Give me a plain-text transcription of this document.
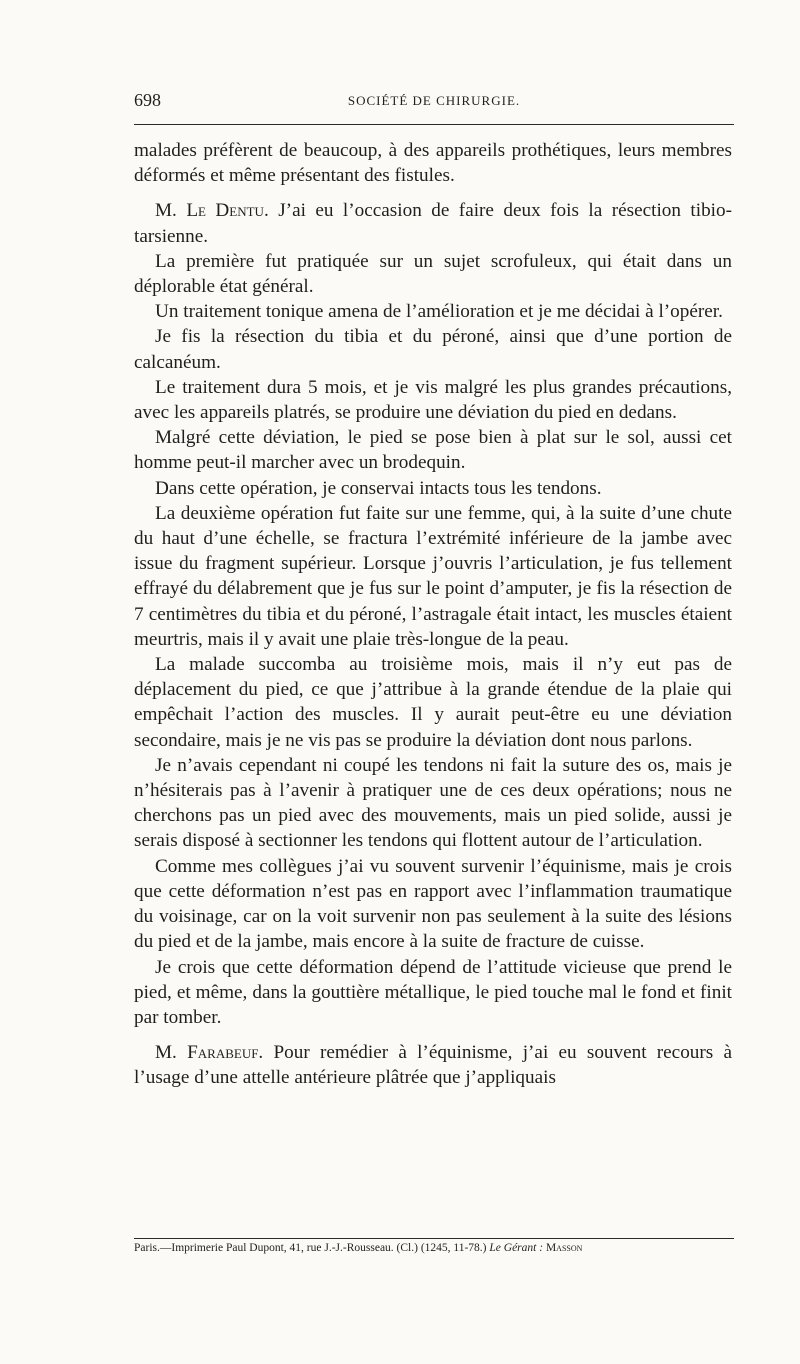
698	SOCIÉTÉ DE CHIRURGIE.

malades préfèrent de beaucoup, à des appareils prothétiques, leurs membres déformés et même présentant des fistules.

M. Le Dentu. J’ai eu l’occasion de faire deux fois la résection tibio-tarsienne.

La première fut pratiquée sur un sujet scrofuleux, qui était dans un déplorable état général.

Un traitement tonique amena de l’amélioration et je me décidai à l’opérer.

Je fis la résection du tibia et du péroné, ainsi que d’une portion de calcanéum.

Le traitement dura 5 mois, et je vis malgré les plus grandes précautions, avec les appareils platrés, se produire une déviation du pied en dedans.

Malgré cette déviation, le pied se pose bien à plat sur le sol, aussi cet homme peut-il marcher avec un brodequin.

Dans cette opération, je conservai intacts tous les tendons.

La deuxième opération fut faite sur une femme, qui, à la suite d’une chute du haut d’une échelle, se fractura l’extrémité inférieure de la jambe avec issue du fragment supérieur. Lorsque j’ouvris l’articulation, je fus tellement effrayé du délabrement que je fus sur le point d’amputer, je fis la résection de 7 centimètres du tibia et du péroné, l’astragale était intact, les muscles étaient meurtris, mais il y avait une plaie très-longue de la peau.

La malade succomba au troisième mois, mais il n’y eut pas de déplacement du pied, ce que j’attribue à la grande étendue de la plaie qui empêchait l’action des muscles. Il y aurait peut-être eu une déviation secondaire, mais je ne vis pas se produire la déviation dont nous parlons.

Je n’avais cependant ni coupé les tendons ni fait la suture des os, mais je n’hésiterais pas à l’avenir à pratiquer une de ces deux opérations; nous ne cherchons pas un pied avec des mouvements, mais un pied solide, aussi je serais disposé à sectionner les tendons qui flottent autour de l’articulation.

Comme mes collègues j’ai vu souvent survenir l’équinisme, mais je crois que cette déformation n’est pas en rapport avec l’inflammation traumatique du voisinage, car on la voit survenir non pas seulement à la suite des lésions du pied et de la jambe, mais encore à la suite de fracture de cuisse.

Je crois que cette déformation dépend de l’attitude vicieuse que prend le pied, et même, dans la gouttière métallique, le pied touche mal le fond et finit par tomber.

M. Farabeuf. Pour remédier à l’équinisme, j’ai eu souvent recours à l’usage d’une attelle antérieure plâtrée que j’appliquais

Paris.—Imprimerie Paul Dupont, 41, rue J.-J.-Rousseau. (Cl.) (1245, 11-78.) Le Gérant : Masson
